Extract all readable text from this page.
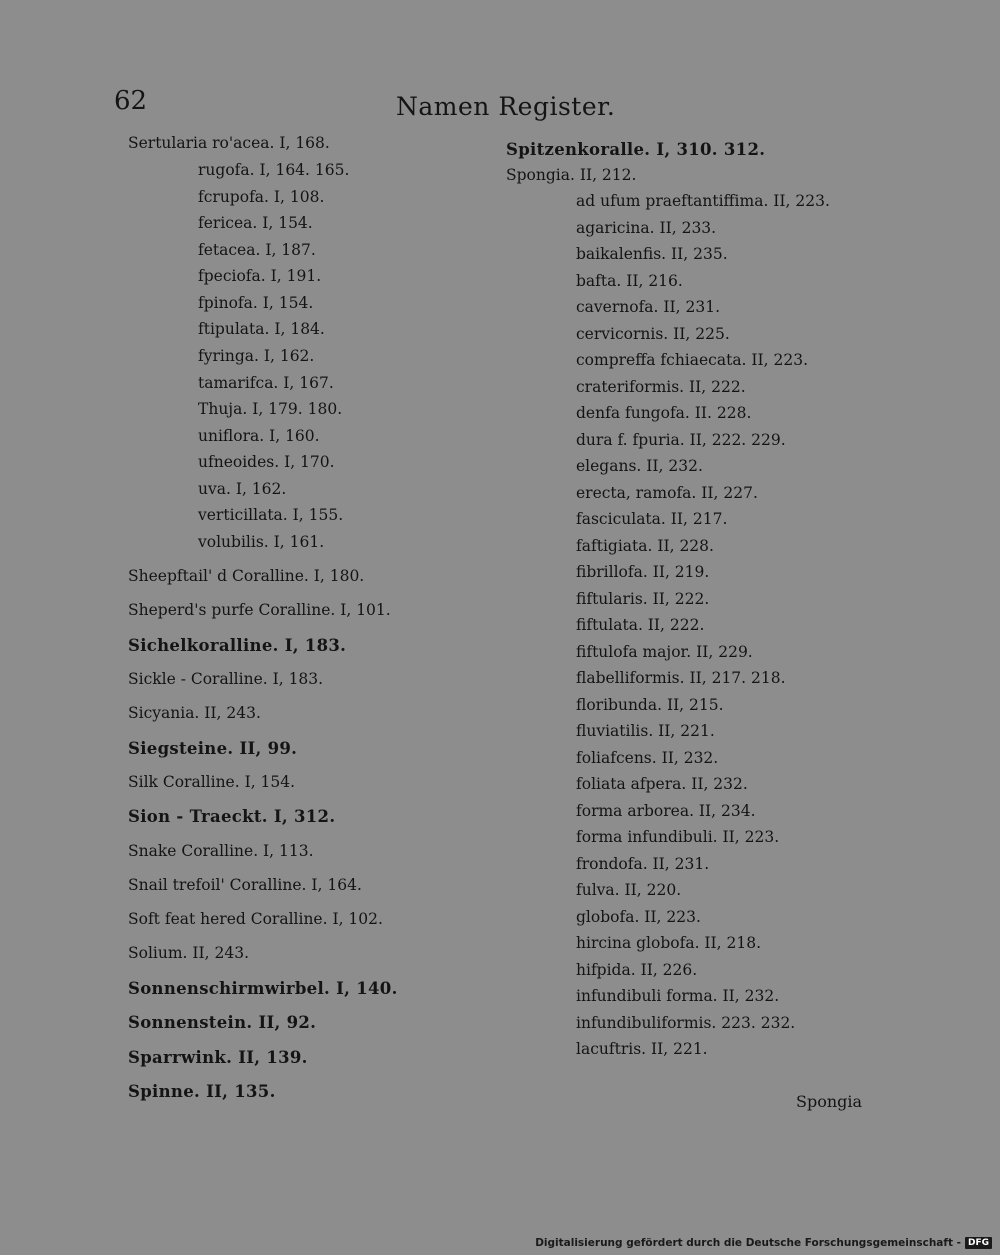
62	Namen Register.
Sertularia ro'acea. I, 168.
rugofa. I, 164. 165.
fcrupofa. I, 108.
fericea. I, 154.
fetacea. I, 187.
fpeciofa. I, 191.
fpinofa. I, 154.
ftipulata. I, 184.
fyringa. I, 162.
tamarifca. I, 167.
Thuja. I, 179. 180.
uniflora. I, 160.
ufneoides. I, 170.
uva. I, 162.
verticillata. I, 155.
volubilis. I, 161.
Sheepftail' d Coralline. I, 180.
Sheperd's purfe Coralline. I, 101.
Sichelkoralline. I, 183.
Sickle - Coralline. I, 183.
Sicyania. II, 243.
Siegsteine. II, 99.
Silk Coralline. I, 154.
Sion - Traeckt. I, 312.
Snake Coralline. I, 113.
Snail trefoil' Coralline. I, 164.
Soft feat hered Coralline. I, 102.
Solium. II, 243.
Sonnenschirmwirbel. I, 140.
Sonnenstein. II, 92.
Sparrwink. II, 139.
Spinne. II, 135.
Spitzenkoralle. I, 310. 312.
Spongia. II, 212.
ad ufum praeftantiffima. II, 223.
agaricina. II, 233.
baikalenfis. II, 235.
bafta. II, 216.
cavernofa. II, 231.
cervicornis. II, 225.
compreffa fchiaecata. II, 223.
crateriformis. II, 222.
denfa fungofa. II. 228.
dura f. fpuria. II, 222. 229.
elegans. II, 232.
erecta, ramofa. II, 227.
fasciculata. II, 217.
faftigiata. II, 228.
fibrillofa. II, 219.
fiftularis. II, 222.
fiftulata. II, 222.
fiftulofa major. II, 229.
flabelliformis. II, 217. 218.
floribunda. II, 215.
fluviatilis. II, 221.
foliafcens. II, 232.
foliata afpera. II, 232.
forma arborea. II, 234.
forma infundibuli. II, 223.
frondofa. II, 231.
fulva. II, 220.
globofa. II, 223.
hircina globofa. II, 218.
hifpida. II, 226.
infundibuli forma. II, 232.
infundibuliformis. 223. 232.
lacuftris. II, 221.
Spongia
Digitalisierung gefördert durch die Deutsche Forschungsgemeinschaft - DFG
